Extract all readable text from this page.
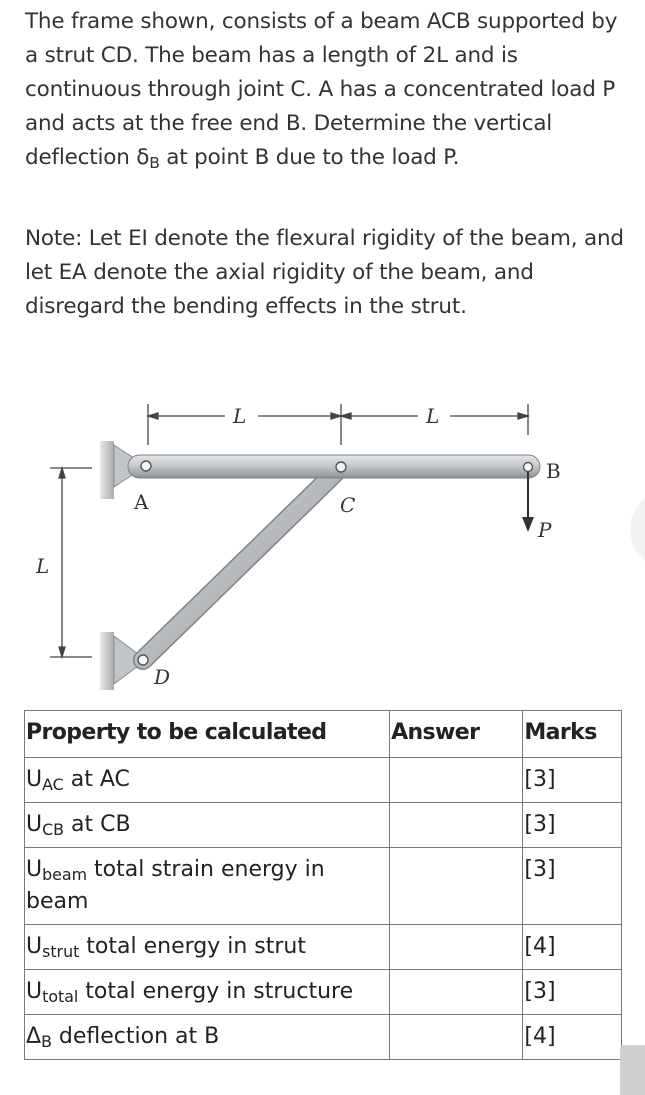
The frame shown, consists of a beam ACB supported by a strut CD. The beam has a length of 2L and is continuous through joint C. A has a concentrated load P and acts at the free end B. Determine the vertical deflection $\delta_B$ at point B due to the load P.

Note: Let EI denote the flexural rigidity of the beam, and let EA denote the axial rigidity of the beam, and disregard the bending effects in the strut.

L	L
L
A
B
C
D
P
Property to be calculated	Answer	Marks
$U_{AC}$ at AC		[3]
$U_{CB}$ at CB		[3]
$U_{beam}$ total strain energy in beam		[3]
$U_{strut}$ total energy in strut		[4]
$U_{total}$ total energy in structure		[3]
$\Delta_B$ deflection at B		[4]
